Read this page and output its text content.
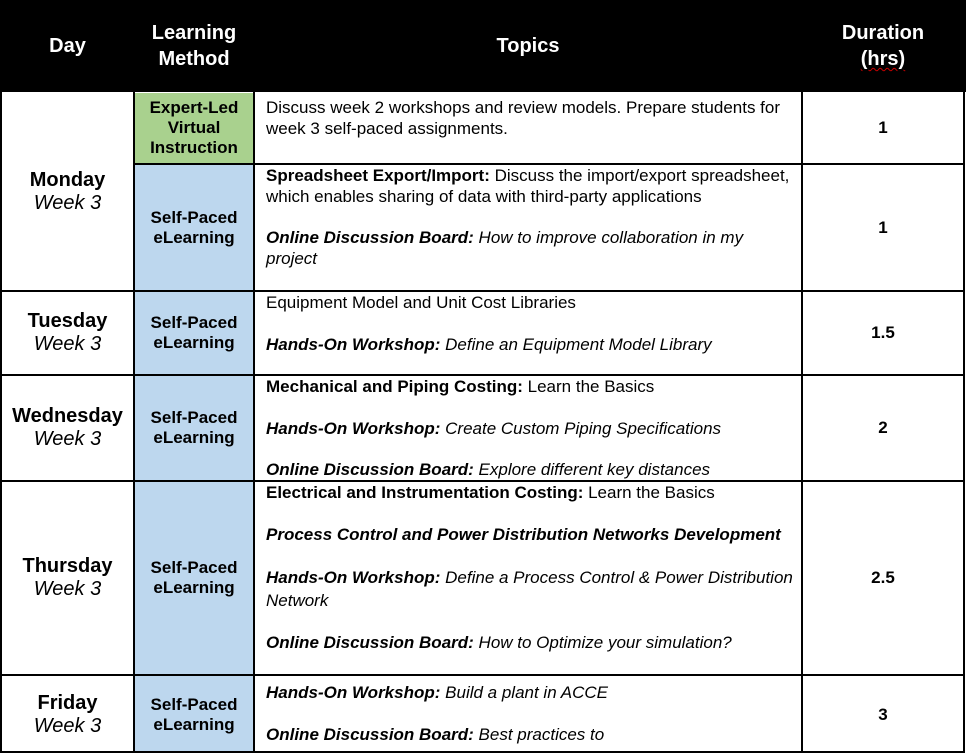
Day
Learning
Method
Topics
Duration
(hrs)
Expert-Led
Virtual
Instruction
Self-Paced
eLearning
Self-Paced
eLearning
Self-Paced
eLearning
Self-Paced
eLearning
Self-Paced
eLearning
Monday
Week 3
Tuesday
Week 3
Wednesday
Week 3
Thursday
Week 3
Friday
Week 3

Discuss week 2 workshops and review models. Prepare students for week 3 self-paced assignments.

Spreadsheet Export/Import: Discuss the import/export spreadsheet, which enables sharing of data with third-party applications

Online Discussion Board: How to improve collaboration in my project

Equipment Model and Unit Cost Libraries

Hands-On Workshop: Define an Equipment Model Library

Mechanical and Piping Costing: Learn the Basics

Hands-On Workshop: Create Custom Piping Specifications

Online Discussion Board: Explore different key distances

Electrical and Instrumentation Costing: Learn the Basics

Process Control and Power Distribution Networks Development

Hands-On Workshop: Define a Process Control & Power Distribution Network

Online Discussion Board: How to Optimize your simulation?

Hands-On Workshop: Build a plant in ACCE

Online Discussion Board: Best practices to

1
1
1.5
2
2.5
3
